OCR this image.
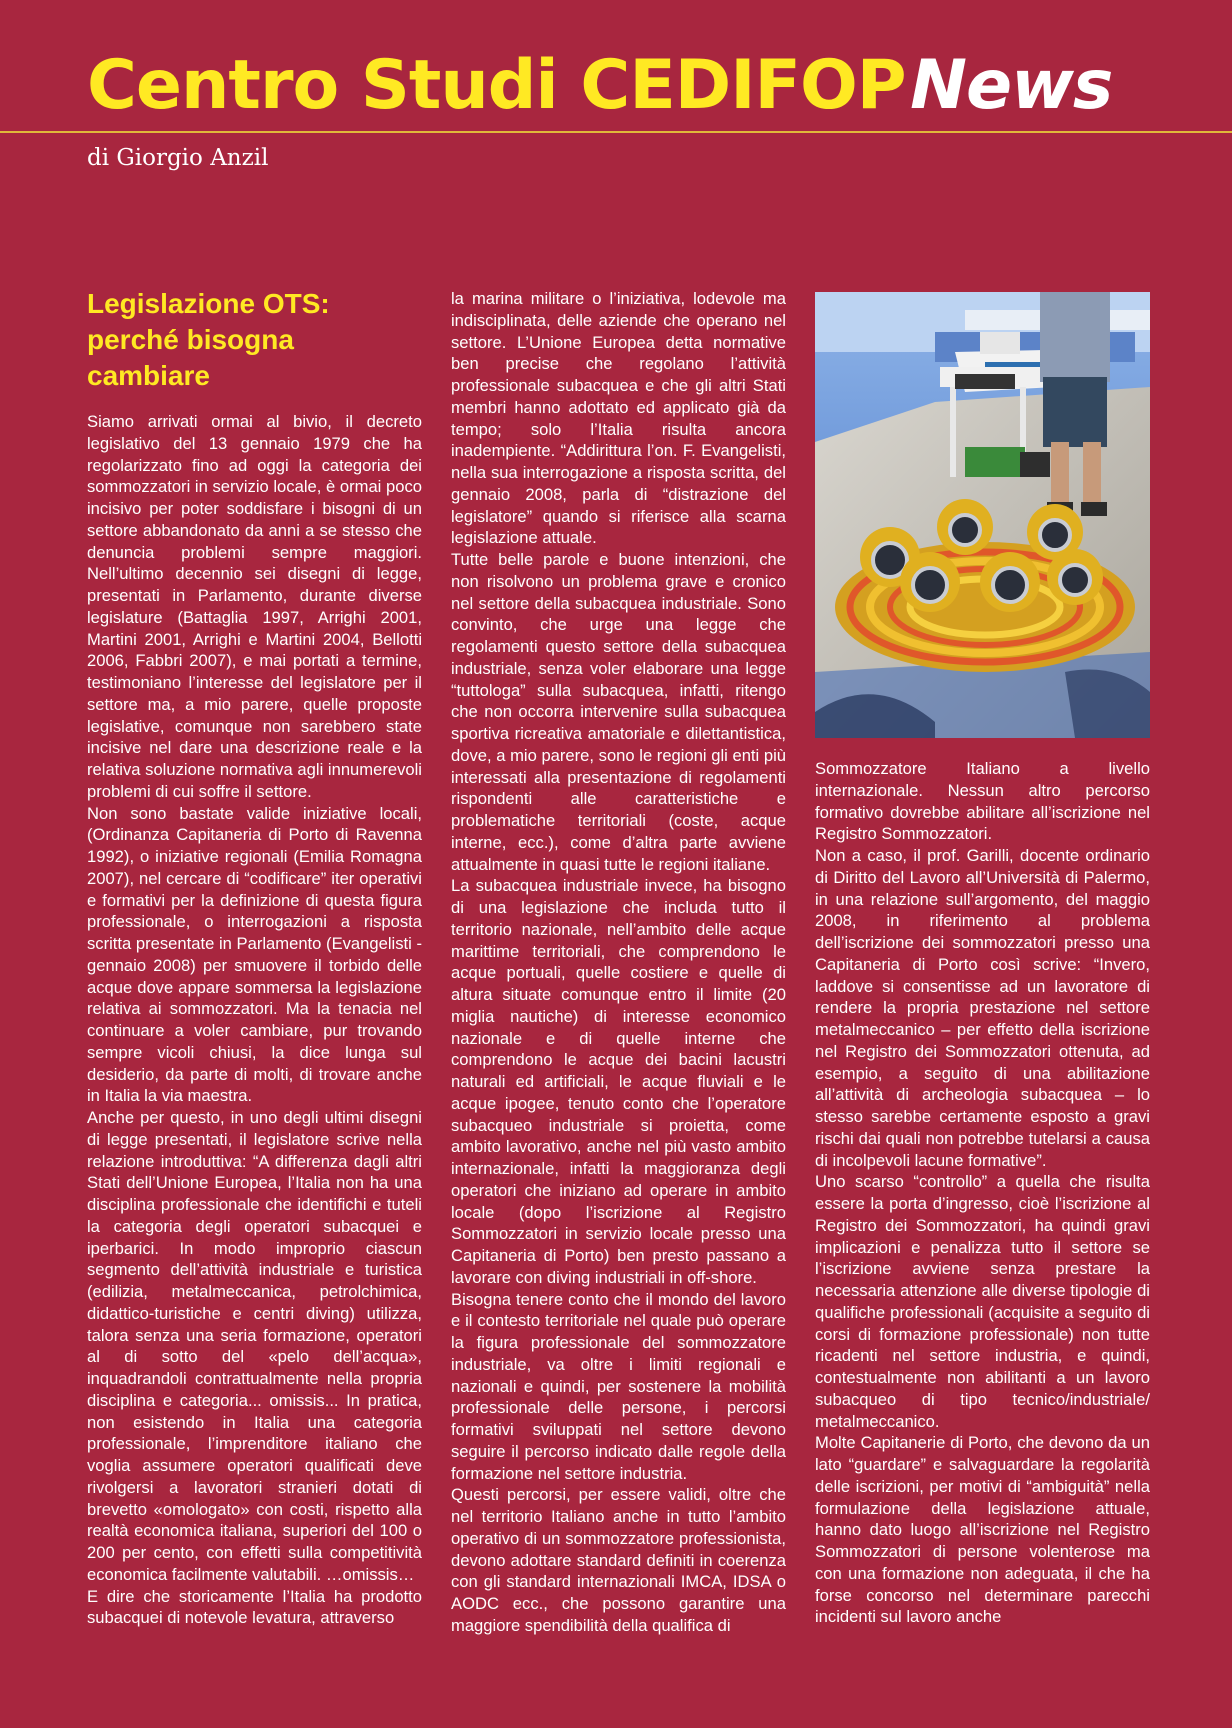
Centro Studi CEDIFOP News
di Giorgio Anzil
Legislazione OTS: perché bisogna cambiare

Siamo arrivati ormai al bivio, il decreto legislativo del 13 gennaio 1979 che ha regolarizzato fino ad oggi la categoria dei sommozzatori in servizio locale, è ormai poco incisivo per poter soddisfare i bisogni di un settore abbandonato da anni a se stesso che denuncia problemi sempre maggiori. Nell’ultimo decennio sei disegni di legge, presentati in Parlamento, durante diverse legislature (Battaglia 1997, Arrighi 2001, Martini 2001, Arrighi e Martini 2004, Bellotti 2006, Fabbri 2007), e mai portati a termine, testimoniano l’interesse del legislatore per il settore ma, a mio parere, quelle proposte legislative, comunque non sarebbero state incisive nel dare una descrizione reale e la relativa soluzione normativa agli innumerevoli problemi di cui soffre il settore.

Non sono bastate valide iniziative locali, (Ordinanza Capitaneria di Porto di Ravenna 1992), o iniziative regionali (Emilia Romagna 2007), nel cercare di “codificare” iter operativi e formativi per la definizione di questa figura professionale, o interrogazioni a risposta scritta presentate in Parlamento (Evangelisti - gennaio 2008) per smuovere il torbido delle acque dove appare sommersa la legislazione relativa ai sommozzatori. Ma la tenacia nel continuare a voler cambiare, pur trovando sempre vicoli chiusi, la dice lunga sul desiderio, da parte di molti, di trovare anche in Italia la via maestra.

Anche per questo, in uno degli ultimi disegni di legge presentati, il legislatore scrive nella relazione introduttiva: “A differenza dagli altri Stati dell’Unione Europea, l’Italia non ha una disciplina professionale che identifichi e tuteli la categoria degli operatori subacquei e iperbarici. In modo improprio ciascun segmento dell’attività industriale e turistica (edilizia, metalmeccanica, petrolchimica, didattico-turistiche e centri diving) utilizza, talora senza una seria formazione, operatori al di sotto del «pelo dell’acqua», inquadrandoli contrattualmente nella propria disciplina e categoria... omissis... In pratica, non esistendo in Italia una categoria professionale, l’imprenditore italiano che voglia assumere operatori qualificati deve rivolgersi a lavoratori stranieri dotati di brevetto «omologato» con costi, rispetto alla realtà economica italiana, superiori del 100 o 200 per cento, con effetti sulla competitività economica facilmente valutabili. …omissis…

E dire che storicamente l’Italia ha prodotto subacquei di notevole levatura, attraverso

la marina militare o l’iniziativa, lodevole ma indisciplinata, delle aziende che operano nel settore. L’Unione Europea detta normative ben precise che regolano l’attività professionale subacquea e che gli altri Stati membri hanno adottato ed applicato già da tempo; solo l’Italia risulta ancora inadempiente. “Addirittura l’on. F. Evangelisti, nella sua interrogazione a risposta scritta, del gennaio 2008, parla di “distrazione del legislatore” quando si riferisce alla scarna legislazione attuale.

Tutte belle parole e buone intenzioni, che non risolvono un problema grave e cronico nel settore della subacquea industriale. Sono convinto, che urge una legge che regolamenti questo settore della subacquea industriale, senza voler elaborare una legge “tuttologa” sulla subacquea, infatti, ritengo che non occorra intervenire sulla subacquea sportiva ricreativa amatoriale e dilettantistica, dove, a mio parere, sono le regioni gli enti più interessati alla presentazione di regolamenti rispondenti alle caratteristiche e problematiche territoriali (coste, acque interne, ecc.), come d’altra parte avviene attualmente in quasi tutte le regioni italiane.

La subacquea industriale invece, ha bisogno di una legislazione che includa tutto il territorio nazionale, nell’ambito delle acque marittime territoriali, che comprendono le acque portuali, quelle costiere e quelle di altura situate comunque entro il limite (20 miglia nautiche) di interesse economico nazionale e di quelle interne che comprendono le acque dei bacini lacustri naturali ed artificiali, le acque fluviali e le acque ipogee, tenuto conto che l’operatore subacqueo industriale si proietta, come ambito lavorativo, anche nel più vasto ambito internazionale, infatti la maggioranza degli operatori che iniziano ad operare in ambito locale (dopo l’iscrizione al Registro Sommozzatori in servizio locale presso una Capitaneria di Porto) ben presto passano a lavorare con diving industriali in off-shore.

Bisogna tenere conto che il mondo del lavoro e il contesto territoriale nel quale può operare la figura professionale del sommozzatore industriale, va oltre i limiti regionali e nazionali e quindi, per sostenere la mobilità professionale delle persone, i percorsi formativi sviluppati nel settore devono seguire il percorso indicato dalle regole della formazione nel settore industria.

Questi percorsi, per essere validi, oltre che nel territorio Italiano anche in tutto l’ambito operativo di un sommozzatore professionista, devono adottare standard definiti in coerenza con gli standard internazionali IMCA, IDSA o AODC ecc., che possono garantire una maggiore spendibilità della qualifica di

Sommozzatore Italiano a livello internazionale. Nessun altro percorso formativo dovrebbe abilitare all’iscrizione nel Registro Sommozzatori.

Non a caso, il prof. Garilli, docente ordinario di Diritto del Lavoro all’Università di Palermo, in una relazione sull’argomento, del maggio 2008, in riferimento al problema dell’iscrizione dei sommozzatori presso una Capitaneria di Porto così scrive: “Invero, laddove si consentisse ad un lavoratore di rendere la propria prestazione nel settore metalmeccanico – per effetto della iscrizione nel Registro dei Sommozzatori ottenuta, ad esempio, a seguito di una abilitazione all’attività di archeologia subacquea – lo stesso sarebbe certamente esposto a gravi rischi dai quali non potrebbe tutelarsi a causa di incolpevoli lacune formative”.

Uno scarso “controllo” a quella che risulta essere la porta d’ingresso, cioè l’iscrizione al Registro dei Sommozzatori, ha quindi gravi implicazioni e penalizza tutto il settore se l’iscrizione avviene senza prestare la necessaria attenzione alle diverse tipologie di qualifiche professionali (acquisite a seguito di corsi di formazione professionale) non tutte ricadenti nel settore industria, e quindi, contestualmente non abilitanti a un lavoro subacqueo di tipo tecnico/industriale/ metalmeccanico.

Molte Capitanerie di Porto, che devono da un lato “guardare” e salvaguardare la regolarità delle iscrizioni, per motivi di “ambiguità” nella formulazione della legislazione attuale, hanno dato luogo all’iscrizione nel Registro Sommozzatori di persone volenterose ma con una formazione non adeguata, il che ha forse concorso nel determinare parecchi incidenti sul lavoro anche
